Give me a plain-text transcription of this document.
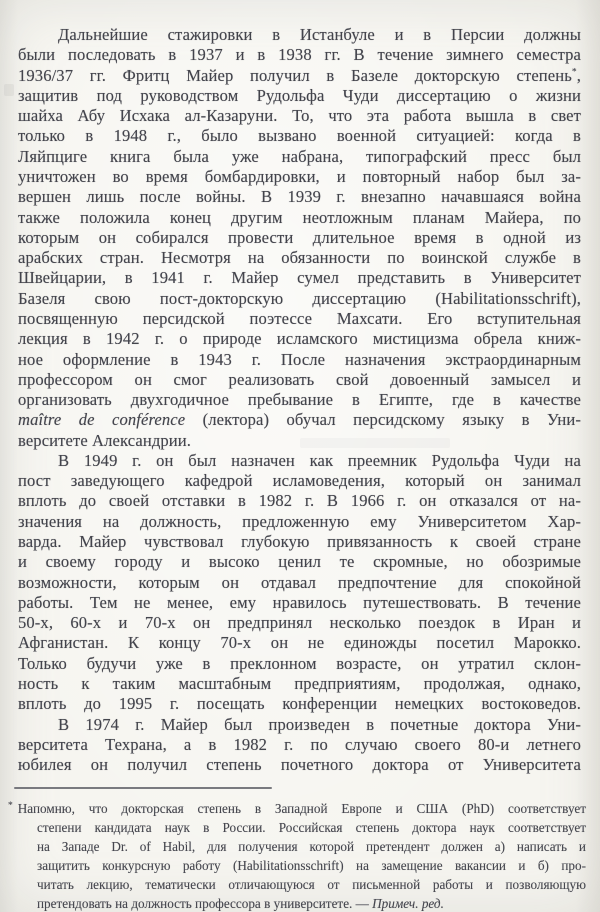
Дальнейшие стажировки в Истанбуле и в Персии должны
были последовать в 1937 и в 1938 гг. В течение зимнего семестра
1936/37 гг. Фритц Майер получил в Базеле докторскую степень*,
защитив под руководством Рудольфа Чуди диссертацию о жизни
шайха Абу Исхака ал-Казаруни. То, что эта работа вышла в свет
только в 1948 г., было вызвано военной ситуацией: когда в
Ляйпциге книга была уже набрана, типографский пресс был
уничтожен во время бомбардировки, и повторный набор был за-
вершен лишь после войны. В 1939 г. внезапно начавшаяся война
также положила конец другим неотложным планам Майера, по
которым он собирался провести длительное время в одной из
арабских стран. Несмотря на обязанности по воинской службе в
Швейцарии, в 1941 г. Майер сумел представить в Университет
Базеля свою пост-докторскую диссертацию (Habilitationsschrift),
посвященную персидской поэтессе Махсати. Его вступительная
лекция в 1942 г. о природе исламского мистицизма обрела книж-
ное оформление в 1943 г. После назначения экстраординарным
профессором он смог реализовать свой довоенный замысел и
организовать двухгодичное пребывание в Египте, где в качестве
maître de conférence (лектора) обучал персидскому языку в Уни-
верситете Александрии.
В 1949 г. он был назначен как преемник Рудольфа Чуди на
пост заведующего кафедрой исламоведения, который он занимал
вплоть до своей отставки в 1982 г. В 1966 г. он отказался от на-
значения на должность, предложенную ему Университетом Хар-
варда. Майер чувствовал глубокую привязанность к своей стране
и своему городу и высоко ценил те скромные, но обозримые
возможности, которым он отдавал предпочтение для спокойной
работы. Тем не менее, ему нравилось путешествовать. В течение
50-х, 60-х и 70-х он предпринял несколько поездок в Иран и
Афганистан. К концу 70-х он не единожды посетил Марокко.
Только будучи уже в преклонном возрасте, он утратил склон-
ность к таким масштабным предприятиям, продолжая, однако,
вплоть до 1995 г. посещать конференции немецких востоковедов.
В 1974 г. Майер был произведен в почетные доктора Уни-
верситета Техрана, а в 1982 г. по случаю своего 80-и летнего
юбилея он получил степень почетного доктора от Университета
* Напомню, что докторская степень в Западной Европе и США (PhD) соответствует
степени кандидата наук в России. Российская степень доктора наук соответствует
на Западе Dr. of Habil, для получения которой претендент должен а) написать и
защитить конкурсную работу (Habilitationsschrift) на замещение вакансии и б) про-
читать лекцию, тематически отличающуюся от письменной работы и позволяющую
претендовать на должность профессора в университете. — Примеч. ред.
